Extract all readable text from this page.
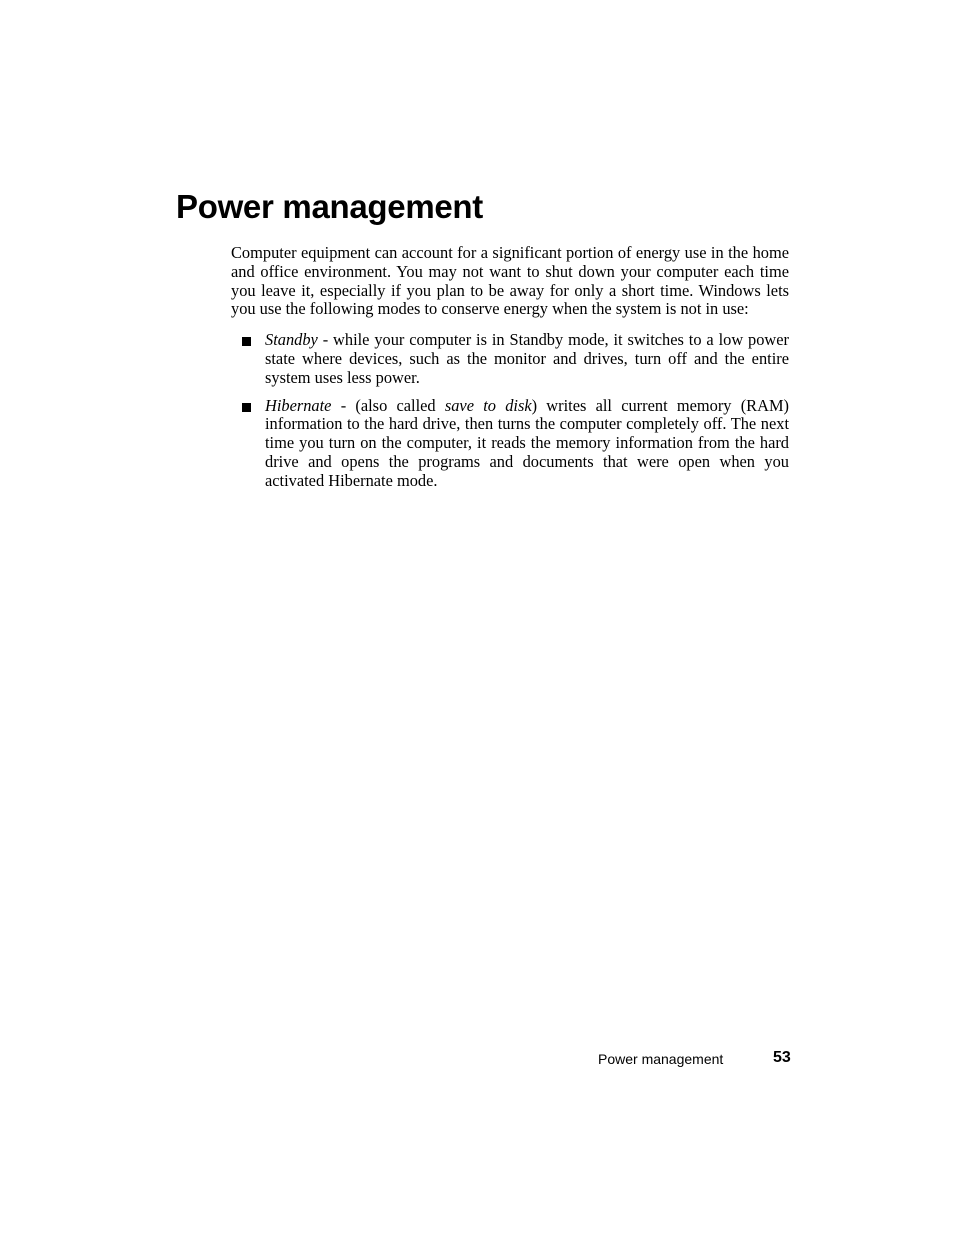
Power management

Computer equipment can account for a significant portion of energy use in the home and office environment. You may not want to shut down your computer each time you leave it, especially if you plan to be away for only a short time. Windows lets you use the following modes to conserve energy when the system is not in use:

Standby - while your computer is in Standby mode, it switches to a low power state where devices, such as the monitor and drives, turn off and the entire system uses less power.
Hibernate - (also called save to disk) writes all current memory (RAM) information to the hard drive, then turns the computer completely off. The next time you turn on the computer, it reads the memory information from the hard drive and opens the programs and documents that were open when you activated Hibernate mode.
Power management	53
